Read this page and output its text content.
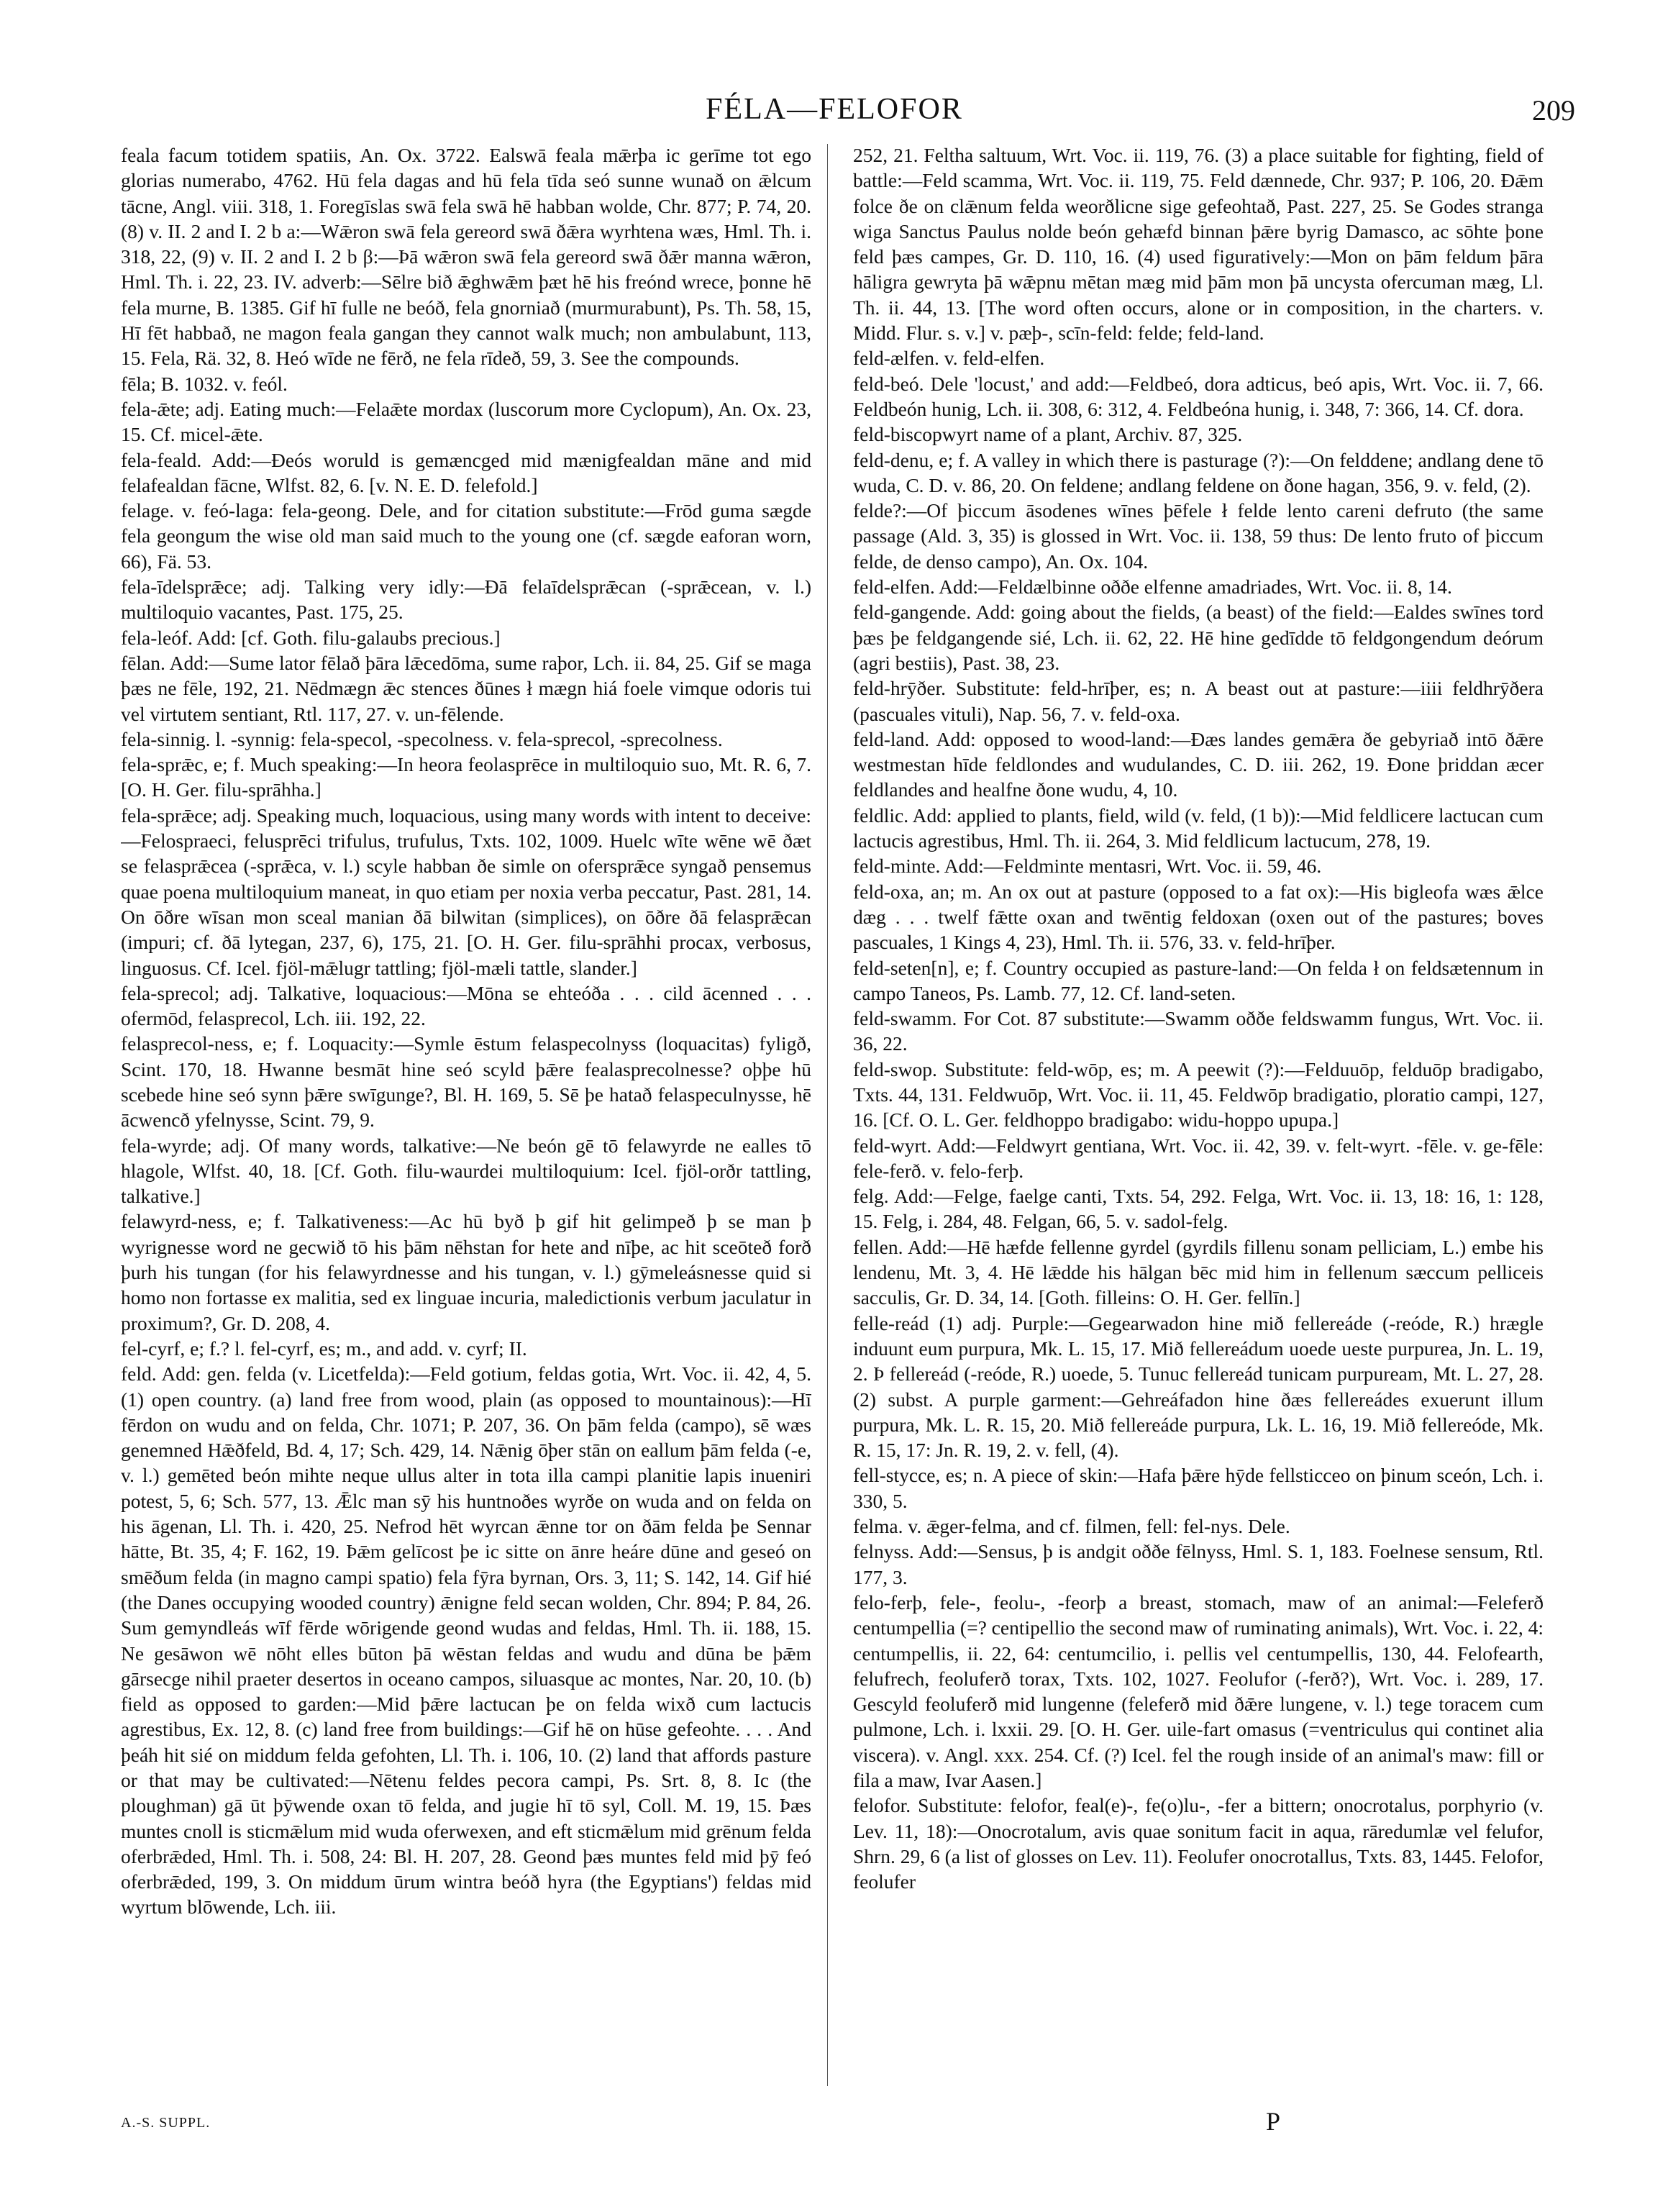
FÉLA—FELOFOR	209

feala facum totidem spatiis, An. Ox. 3722. Ealswā feala mǣrþa ic gerīme tot ego glorias numerabo, 4762. Hū fela dagas and hū fela tīda seó sunne wunað on ǣlcum tācne, Angl. viii. 318, 1. Foregīslas swā fela swā hē habban wolde, Chr. 877; P. 74, 20. (8) v. II. 2 and I. 2 b a:—Wǣron swā fela gereord swā ðǣra wyrhtena wæs, Hml. Th. i. 318, 22, (9) v. II. 2 and I. 2 b β:—Þā wǣron swā fela gereord swā ðǣr manna wǣron, Hml. Th. i. 22, 23. IV. adverb:—Sēlre bið ǣghwǣm þæt hē his freónd wrece, þonne hē fela murne, B. 1385. Gif hī fulle ne beóð, fela gnorniað (murmurabunt), Ps. Th. 58, 15, Hī fēt habbað, ne magon feala gangan they cannot walk much; non ambulabunt, 113, 15. Fela, Rä. 32, 8. Heó wīde ne fērð, ne fela rīdeð, 59, 3. See the compounds.

fēla; B. 1032. v. feól.

fela-ǣte; adj. Eating much:—Felaǣte mordax (luscorum more Cyclopum), An. Ox. 23, 15. Cf. micel-ǣte.

fela-feald. Add:—Ðeós woruld is gemæncged mid mænigfealdan māne and mid felafealdan fācne, Wlfst. 82, 6. [v. N. E. D. felefold.]

felage. v. feó-laga: fela-geong. Dele, and for citation substitute:—Frōd guma sægde fela geongum the wise old man said much to the young one (cf. sægde eaforan worn, 66), Fä. 53.

fela-īdelsprǣce; adj. Talking very idly:—Ðā felaīdelsprǣcan (-sprǣcean, v. l.) multiloquio vacantes, Past. 175, 25.

fela-leóf. Add: [cf. Goth. filu-galaubs precious.]

fēlan. Add:—Sume lator fēlað þāra lǣcedōma, sume raþor, Lch. ii. 84, 25. Gif se maga þæs ne fēle, 192, 21. Nēdmægn ǣc stences ðūnes ł mægn hiá foele vimque odoris tui vel virtutem sentiant, Rtl. 117, 27. v. un-fēlende.

fela-sinnig. l. -synnig: fela-specol, -specolness. v. fela-sprecol, -sprecolness.

fela-sprǣc, e; f. Much speaking:—In heora feolasprēce in multiloquio suo, Mt. R. 6, 7. [O. H. Ger. filu-sprāhha.]

fela-sprǣce; adj. Speaking much, loquacious, using many words with intent to deceive:—Felospraeci, felusprēci trifulus, trufulus, Txts. 102, 1009. Huelc wīte wēne wē ðæt se felasprǣcea (-sprǣca, v. l.) scyle habban ðe simle on ofersprǣce syngað pensemus quae poena multiloquium maneat, in quo etiam per noxia verba peccatur, Past. 281, 14. On ōðre wīsan mon sceal manian ðā bilwitan (simplices), on ōðre ðā felasprǣcan (impuri; cf. ðā lytegan, 237, 6), 175, 21. [O. H. Ger. filu-sprāhhi procax, verbosus, linguosus. Cf. Icel. fjöl-mǣlugr tattling; fjöl-mæli tattle, slander.]

fela-sprecol; adj. Talkative, loquacious:—Mōna se ehteóða . . . cild ācenned . . . ofermōd, felasprecol, Lch. iii. 192, 22.

felasprecol-ness, e; f. Loquacity:—Symle ēstum felaspecolnyss (loquacitas) fyligð, Scint. 170, 18. Hwanne besmāt hine seó scyld þǣre fealasprecolnesse? oþþe hū scebede hine seó synn þǣre swīgunge?, Bl. H. 169, 5. Sē þe hatað felaspeculnysse, hē ācwencð yfelnysse, Scint. 79, 9.

fela-wyrde; adj. Of many words, talkative:—Ne beón gē tō felawyrde ne ealles tō hlagole, Wlfst. 40, 18. [Cf. Goth. filu-waurdei multiloquium: Icel. fjöl-orðr tattling, talkative.]

felawyrd-ness, e; f. Talkativeness:—Ac hū byð þ gif hit gelimpeð þ se man þ wyrignesse word ne gecwið tō his þām nēhstan for hete and nīþe, ac hit sceōteð forð þurh his tungan (for his felawyrdnesse and his tungan, v. l.) gȳmeleásnesse quid si homo non fortasse ex malitia, sed ex linguae incuria, maledictionis verbum jaculatur in proximum?, Gr. D. 208, 4.

fel-cyrf, e; f.? l. fel-cyrf, es; m., and add. v. cyrf; II.

feld. Add: gen. felda (v. Licetfelda):—Feld gotium, feldas gotia, Wrt. Voc. ii. 42, 4, 5. (1) open country. (a) land free from wood, plain (as opposed to mountainous):—Hī fērdon on wudu and on felda, Chr. 1071; P. 207, 36. On þām felda (campo), sē wæs genemned Hǣðfeld, Bd. 4, 17; Sch. 429, 14. Nǣnig ōþer stān on eallum þām felda (-e, v. l.) gemēted beón mihte neque ullus alter in tota illa campi planitie lapis inueniri potest, 5, 6; Sch. 577, 13. Ǣlc man sȳ his huntnoðes wyrðe on wuda and on felda on his āgenan, Ll. Th. i. 420, 25. Nefrod hēt wyrcan ǣnne tor on ðām felda þe Sennar hātte, Bt. 35, 4; F. 162, 19. Þǣm gelīcost þe ic sitte on ānre heáre dūne and geseó on smēðum felda (in magno campi spatio) fela fȳra byrnan, Ors. 3, 11; S. 142, 14. Gif hié (the Danes occupying wooded country) ǣnigne feld secan wolden, Chr. 894; P. 84, 26. Sum gemyndleás wīf fērde wōrigende geond wudas and feldas, Hml. Th. ii. 188, 15. Ne gesāwon wē nōht elles būton þā wēstan feldas and wudu and dūna be þǣm gārsecge nihil praeter desertos in oceano campos, siluasque ac montes, Nar. 20, 10. (b) field as opposed to garden:—Mid þǣre lactucan þe on felda wixð cum lactucis agrestibus, Ex. 12, 8. (c) land free from buildings:—Gif hē on hūse gefeohte. . . . And þeáh hit sié on middum felda gefohten, Ll. Th. i. 106, 10. (2) land that affords pasture or that may be cultivated:—Nētenu feldes pecora campi, Ps. Srt. 8, 8. Ic (the ploughman) gā ūt þȳwende oxan tō felda, and jugie hī tō syl, Coll. M. 19, 15. Þæs muntes cnoll is sticmǣlum mid wuda oferwexen, and eft sticmǣlum mid grēnum felda oferbrǣded, Hml. Th. i. 508, 24: Bl. H. 207, 28. Geond þæs muntes feld mid þȳ feó oferbrǣded, 199, 3. On middum ūrum wintra beóð hyra (the Egyptians') feldas mid wyrtum blōwende, Lch. iii.

252, 21. Feltha saltuum, Wrt. Voc. ii. 119, 76. (3) a place suitable for fighting, field of battle:—Feld scamma, Wrt. Voc. ii. 119, 75. Feld dænnede, Chr. 937; P. 106, 20. Ðǣm folce ðe on clǣnum felda weorðlicne sige gefeohtað, Past. 227, 25. Se Godes stranga wiga Sanctus Paulus nolde beón gehæfd binnan þǣre byrig Damasco, ac sōhte þone feld þæs campes, Gr. D. 110, 16. (4) used figuratively:—Mon on þām feldum þāra hāligra gewryta þā wǣpnu mētan mæg mid þām mon þā uncysta ofercuman mæg, Ll. Th. ii. 44, 13. [The word often occurs, alone or in composition, in the charters. v. Midd. Flur. s. v.] v. pæþ-, scīn-feld: felde; feld-land.

feld-ælfen. v. feld-elfen.

feld-beó. Dele 'locust,' and add:—Feldbeó, dora adticus, beó apis, Wrt. Voc. ii. 7, 66. Feldbeón hunig, Lch. ii. 308, 6: 312, 4. Feldbeóna hunig, i. 348, 7: 366, 14. Cf. dora.

feld-biscopwyrt name of a plant, Archiv. 87, 325.

feld-denu, e; f. A valley in which there is pasturage (?):—On felddene; andlang dene tō wuda, C. D. v. 86, 20. On feldene; andlang feldene on ðone hagan, 356, 9. v. feld, (2).

felde?:—Of þiccum āsodenes wīnes þēfele ł felde lento careni defruto (the same passage (Ald. 3, 35) is glossed in Wrt. Voc. ii. 138, 59 thus: De lento fruto of þiccum felde, de denso campo), An. Ox. 104.

feld-elfen. Add:—Feldælbinne oððe elfenne amadriades, Wrt. Voc. ii. 8, 14.

feld-gangende. Add: going about the fields, (a beast) of the field:—Ealdes swīnes tord þæs þe feldgangende sié, Lch. ii. 62, 22. Hē hine gedīdde tō feldgongendum deórum (agri bestiis), Past. 38, 23.

feld-hrȳðer. Substitute: feld-hrīþer, es; n. A beast out at pasture:—iiii feldhrȳðera (pascuales vituli), Nap. 56, 7. v. feld-oxa.

feld-land. Add: opposed to wood-land:—Ðæs landes gemǣra ðe gebyriað intō ðǣre westmestan hīde feldlondes and wudulandes, C. D. iii. 262, 19. Ðone þriddan æcer feldlandes and healfne ðone wudu, 4, 10.

feldlic. Add: applied to plants, field, wild (v. feld, (1 b)):—Mid feldlicere lactucan cum lactucis agrestibus, Hml. Th. ii. 264, 3. Mid feldlicum lactucum, 278, 19.

feld-minte. Add:—Feldminte mentasri, Wrt. Voc. ii. 59, 46.

feld-oxa, an; m. An ox out at pasture (opposed to a fat ox):—His bigleofa wæs ǣlce dæg . . . twelf fǣtte oxan and twēntig feldoxan (oxen out of the pastures; boves pascuales, 1 Kings 4, 23), Hml. Th. ii. 576, 33. v. feld-hrīþer.

feld-seten[n], e; f. Country occupied as pasture-land:—On felda ł on feldsætennum in campo Taneos, Ps. Lamb. 77, 12. Cf. land-seten.

feld-swamm. For Cot. 87 substitute:—Swamm oððe feldswamm fungus, Wrt. Voc. ii. 36, 22.

feld-swop. Substitute: feld-wōp, es; m. A peewit (?):—Felduuōp, felduōp bradigabo, Txts. 44, 131. Feldwuōp, Wrt. Voc. ii. 11, 45. Feldwōp bradigatio, ploratio campi, 127, 16. [Cf. O. L. Ger. feldhoppo bradigabo: widu-hoppo upupa.]

feld-wyrt. Add:—Feldwyrt gentiana, Wrt. Voc. ii. 42, 39. v. felt-wyrt. -fēle. v. ge-fēle: fele-ferð. v. felo-ferþ.

felg. Add:—Felge, faelge canti, Txts. 54, 292. Felga, Wrt. Voc. ii. 13, 18: 16, 1: 128, 15. Felg, i. 284, 48. Felgan, 66, 5. v. sadol-felg.

fellen. Add:—Hē hæfde fellenne gyrdel (gyrdils fillenu sonam pelliciam, L.) embe his lendenu, Mt. 3, 4. Hē lǣdde his hālgan bēc mid him in fellenum sæccum pelliceis sacculis, Gr. D. 34, 14. [Goth. filleins: O. H. Ger. fellīn.]

felle-reád (1) adj. Purple:—Gegearwadon hine mið fellereáde (-reóde, R.) hrægle induunt eum purpura, Mk. L. 15, 17. Mið fellereádum uoede ueste purpurea, Jn. L. 19, 2. Þ fellereád (-reóde, R.) uoede, 5. Tunuc fellereád tunicam purpuream, Mt. L. 27, 28. (2) subst. A purple garment:—Gehreáfadon hine ðæs fellereádes exuerunt illum purpura, Mk. L. R. 15, 20. Mið fellereáde purpura, Lk. L. 16, 19. Mið fellereóde, Mk. R. 15, 17: Jn. R. 19, 2. v. fell, (4).

fell-stycce, es; n. A piece of skin:—Hafa þǣre hȳde fellsticceo on þinum sceón, Lch. i. 330, 5.

felma. v. ǣger-felma, and cf. filmen, fell: fel-nys. Dele.

felnyss. Add:—Sensus, þ is andgit oððe fēlnyss, Hml. S. 1, 183. Foelnese sensum, Rtl. 177, 3.

felo-ferþ, fele-, feolu-, -feorþ a breast, stomach, maw of an animal:—Feleferð centumpellia (=? centipellio the second maw of ruminating animals), Wrt. Voc. i. 22, 4: centumpellis, ii. 22, 64: centumcilio, i. pellis vel centumpellis, 130, 44. Felofearth, felufrech, feoluferð torax, Txts. 102, 1027. Feolufor (-ferð?), Wrt. Voc. i. 289, 17. Gescyld feoluferð mid lungenne (feleferð mid ðǣre lungene, v. l.) tege toracem cum pulmone, Lch. i. lxxii. 29. [O. H. Ger. uile-fart omasus (=ventriculus qui continet alia viscera). v. Angl. xxx. 254. Cf. (?) Icel. fel the rough inside of an animal's maw: fill or fila a maw, Ivar Aasen.]

felofor. Substitute: felofor, feal(e)-, fe(o)lu-, -fer a bittern; onocrotalus, porphyrio (v. Lev. 11, 18):—Onocrotalum, avis quae sonitum facit in aqua, rāredumlæ vel felufor, Shrn. 29, 6 (a list of glosses on Lev. 11). Feolufer onocrotallus, Txts. 83, 1445. Felofor, feolufer

A.-S. SUPPL.	P
